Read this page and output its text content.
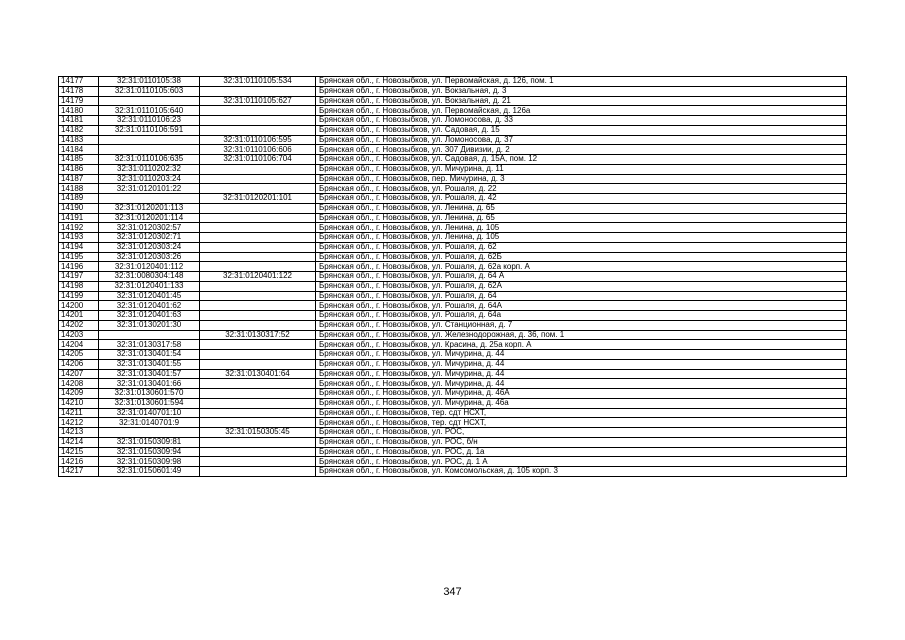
14177	32:31:0110105:38	32:31:0110105:534	Брянская обл., г. Новозыбков, ул. Первомайская, д. 126, пом. 1
14178	32:31:0110105:603		Брянская обл., г. Новозыбков, ул. Вокзальная, д. 3
14179		32:31:0110105:627	Брянская обл., г. Новозыбков, ул. Вокзальная, д. 21
14180	32:31:0110105:640		Брянская обл., г. Новозыбков, ул. Первомайская, д. 126а
14181	32:31:0110106:23		Брянская обл., г. Новозыбков, ул. Ломоносова, д. 33
14182	32:31:0110106:591		Брянская обл., г. Новозыбков, ул. Садовая, д. 15
14183		32:31:0110106:595	Брянская обл., г. Новозыбков, ул. Ломоносова, д. 37
14184		32:31:0110106:606	Брянская обл., г. Новозыбков, ул. 307 Дивизии, д. 2
14185	32:31:0110106:635	32:31:0110106:704	Брянская обл., г. Новозыбков, ул. Садовая, д. 15А, пом. 12
14186	32:31:0110202:32		Брянская обл., г. Новозыбков, ул. Мичурина, д. 11
14187	32:31:0110203:24		Брянская обл., г. Новозыбков, пер. Мичурина, д. 3
14188	32:31:0120101:22		Брянская обл., г. Новозыбков, ул. Рошаля, д. 22
14189		32:31:0120201:101	Брянская обл., г. Новозыбков, ул. Рошаля, д. 42
14190	32:31:0120201:113		Брянская обл., г. Новозыбков, ул. Ленина, д. 65
14191	32:31:0120201:114		Брянская обл., г. Новозыбков, ул. Ленина, д. 65
14192	32:31:0120302:57		Брянская обл., г. Новозыбков, ул. Ленина, д. 105
14193	32:31:0120302:71		Брянская обл., г. Новозыбков, ул. Ленина, д. 105
14194	32:31:0120303:24		Брянская обл., г. Новозыбков, ул. Рошаля, д. 62
14195	32:31:0120303:26		Брянская обл., г. Новозыбков, ул. Рошаля, д. 62Б
14196	32:31:0120401:112		Брянская обл., г. Новозыбков, ул. Рошаля, д. 62а корп. А
14197	32:31:0080304:148	32:31:0120401:122	Брянская обл., г. Новозыбков, ул. Рошаля, д. 64 А
14198	32:31:0120401:133		Брянская обл., г. Новозыбков, ул. Рошаля, д. 62А
14199	32:31:0120401:45		Брянская обл., г. Новозыбков, ул. Рошаля, д. 64
14200	32:31:0120401:62		Брянская обл., г. Новозыбков, ул. Рошаля, д. 64А
14201	32:31:0120401:63		Брянская обл., г. Новозыбков, ул. Рошаля, д. 64а
14202	32:31:0130201:30		Брянская обл., г. Новозыбков, ул. Станционная, д. 7
14203		32:31:0130317:52	Брянская обл., г. Новозыбков, ул. Железнодорожная, д. 36, пом. 1
14204	32:31:0130317:58		Брянская обл., г. Новозыбков, ул. Красина, д. 25а корп. А
14205	32:31:0130401:54		Брянская обл., г. Новозыбков, ул. Мичурина, д. 44
14206	32:31:0130401:55		Брянская обл., г. Новозыбков, ул. Мичурина, д. 44
14207	32:31:0130401:57	32:31:0130401:64	Брянская обл., г. Новозыбков, ул. Мичурина, д. 44
14208	32:31:0130401:66		Брянская обл., г. Новозыбков, ул. Мичурина, д. 44
14209	32:31:0130601:570		Брянская обл., г. Новозыбков, ул. Мичурина, д. 46А
14210	32:31:0130601:594		Брянская обл., г. Новозыбков, ул. Мичурина, д. 46а
14211	32:31:0140701:10		Брянская обл., г. Новозыбков, тер. сдт НСХТ,
14212	32:31:0140701:9		Брянская обл., г. Новозыбков, тер. сдт НСХТ,
14213		32:31:0150305:45	Брянская обл., г. Новозыбков, ул. РОС,
14214	32:31:0150309:81		Брянская обл., г. Новозыбков, ул. РОС, б/н
14215	32:31:0150309:94		Брянская обл., г. Новозыбков, ул. РОС, д. 1а
14216	32:31:0150309:98		Брянская обл., г. Новозыбков, ул. РОС, д. 1 А
14217	32:31:0150601:49		Брянская обл., г. Новозыбков, ул. Комсомольская, д. 105 корп. 3
347
